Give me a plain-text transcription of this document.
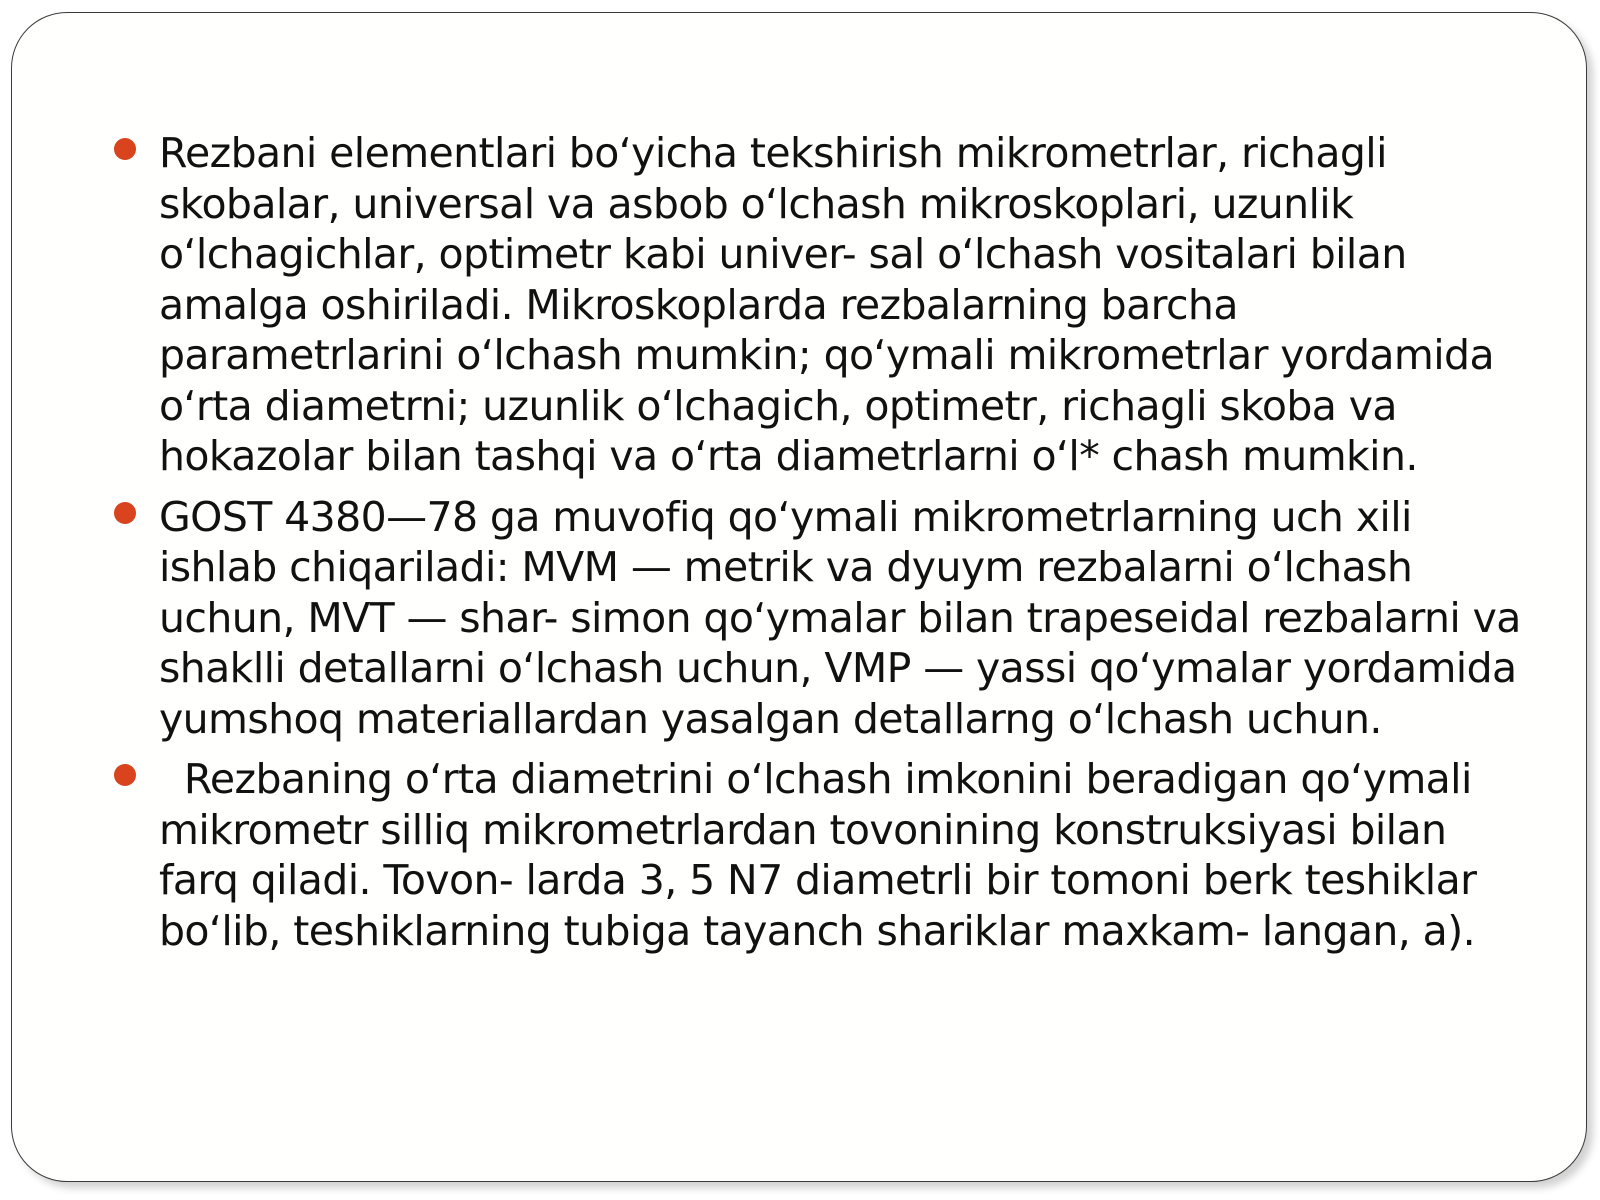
Rezbani elementlari bo‘yicha tekshirish mikrometrlar, richagli skobalar, universal va asbob o‘lchash mikroskoplari, uzunlik o‘lchagichlar, optimetr kabi univer- sal o‘lchash vositalari bilan amalga oshiriladi. Mikroskoplarda rezbalarning barcha parametrlarini o‘lchash mumkin; qo‘ymali mikrometrlar yordamida o‘rta diametrni; uzunlik o‘lchagich, optimetr, richagli skoba va hokazolar bilan tashqi va o‘rta diametrlarni o‘l* chash mumkin.
GOST 4380—78 ga muvofiq qo‘ymali mikrometrlarning uch xili ishlab chiqariladi: MVM — metrik va dyuym rezbalarni o‘lchash uchun, MVT — shar- simon qo‘ymalar bilan trapeseidal rezbalarni va shaklli detallarni o‘lchash uchun, VMP — yassi qo‘ymalar yordamida yumshoq materiallardan yasalgan detallarng o‘lchash uchun.
Rezbaning o‘rta diametrini o‘lchash imkonini beradigan qo‘ymali mikrometr silliq mikrometrlardan tovonining konstruksiyasi bilan farq qiladi. Tovon- larda 3, 5 N7 diametrli bir tomoni berk teshiklar bo‘lib, teshiklarning tubiga tayanch shariklar maxkam- langan, a).
